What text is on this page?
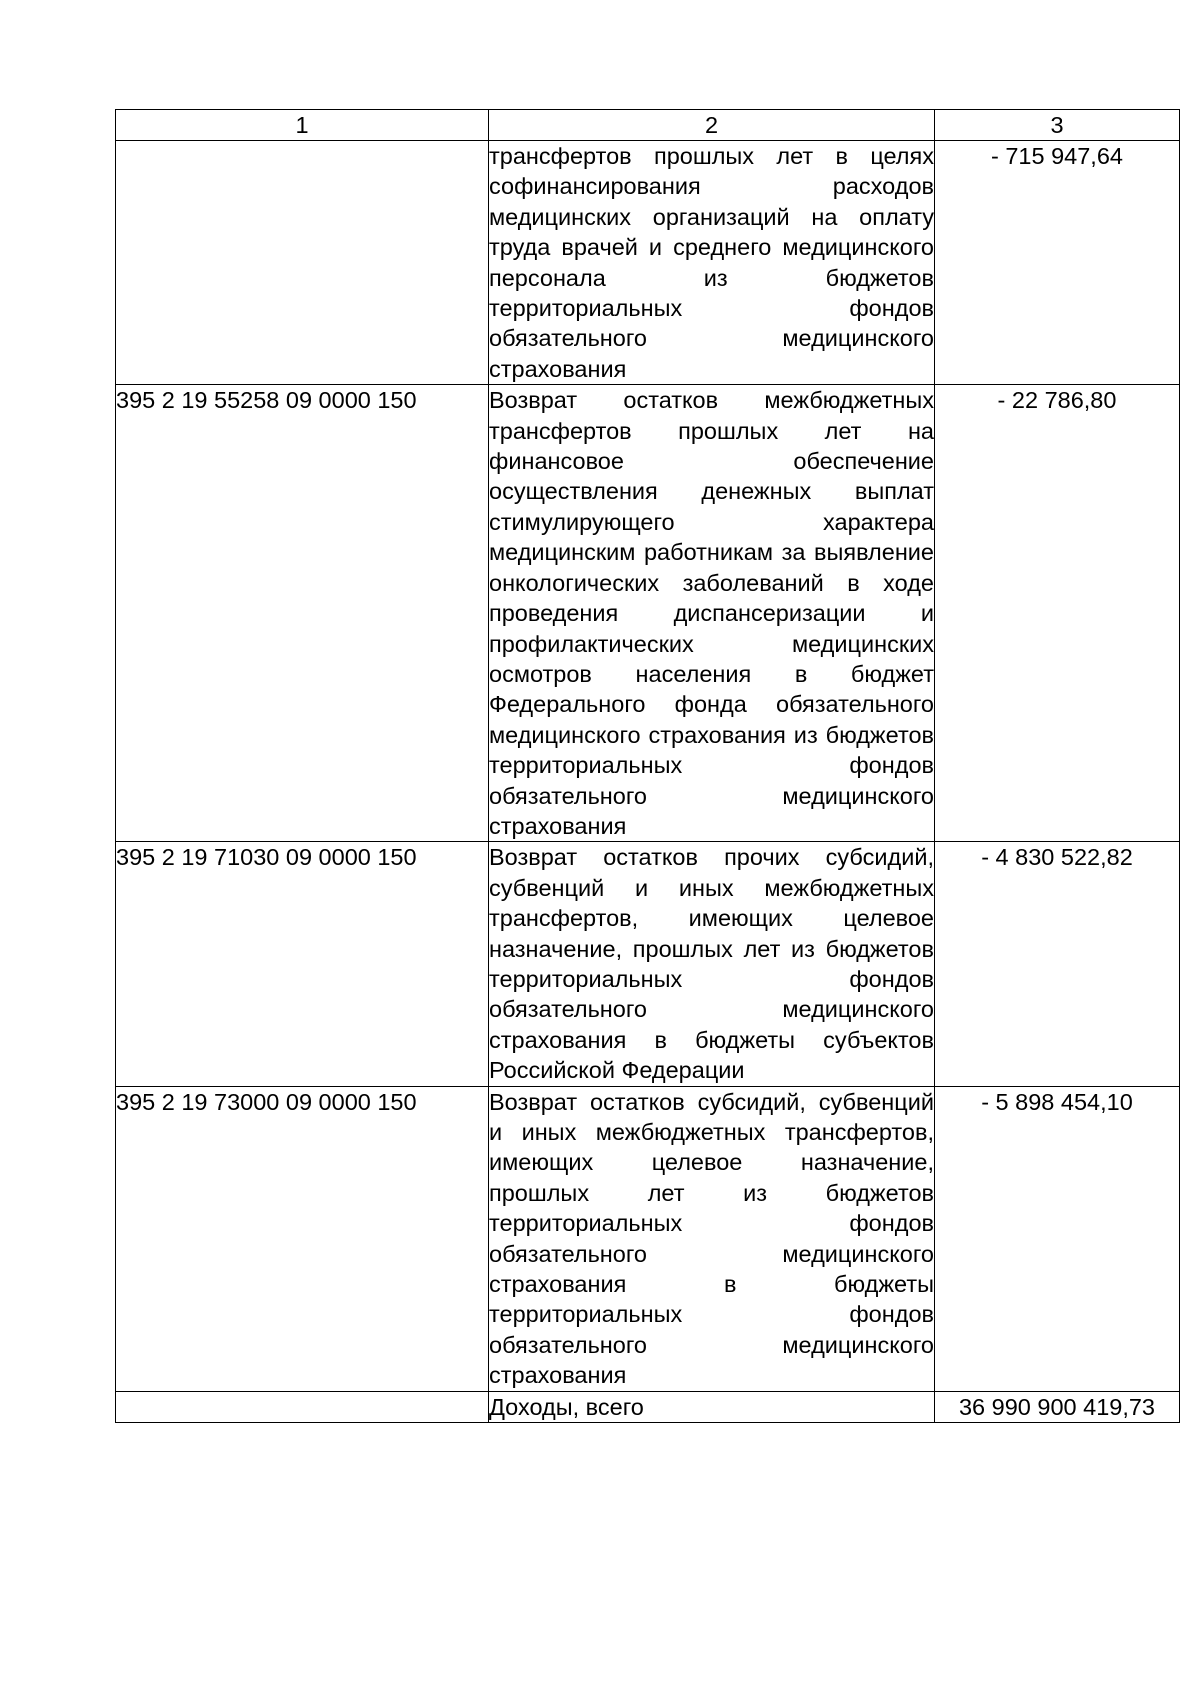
1	2	3
	трансфертов прошлых лет в целях софинансирования расходов медицинских организаций на оплату труда врачей и среднего медицинского персонала из бюджетов территориальных фондов обязательного медицинского страхования	- 715 947,64
395 2 19 55258 09 0000 150	Возврат остатков межбюджетных трансфертов прошлых лет на финансовое обеспечение осуществления денежных выплат стимулирующего характера медицинским работникам за выявление онкологических заболеваний в ходе проведения диспансеризации и профилактических медицинских осмотров населения в бюджет Федерального фонда обязательного медицинского страхования из бюджетов территориальных фондов обязательного медицинского страхования	- 22 786,80
395 2 19 71030 09 0000 150	Возврат остатков прочих субсидий, субвенций и иных межбюджетных трансфертов, имеющих целевое назначение, прошлых лет из бюджетов территориальных фондов обязательного медицинского страхования в бюджеты субъектов Российской Федерации	- 4 830 522,82
395 2 19 73000 09 0000 150	Возврат остатков субсидий, субвенций и иных межбюджетных трансфертов, имеющих целевое назначение, прошлых лет из бюджетов территориальных фондов обязательного медицинского страхования в бюджеты территориальных фондов обязательного медицинского страхования	- 5 898 454,10
	Доходы, всего	36 990 900 419,73
